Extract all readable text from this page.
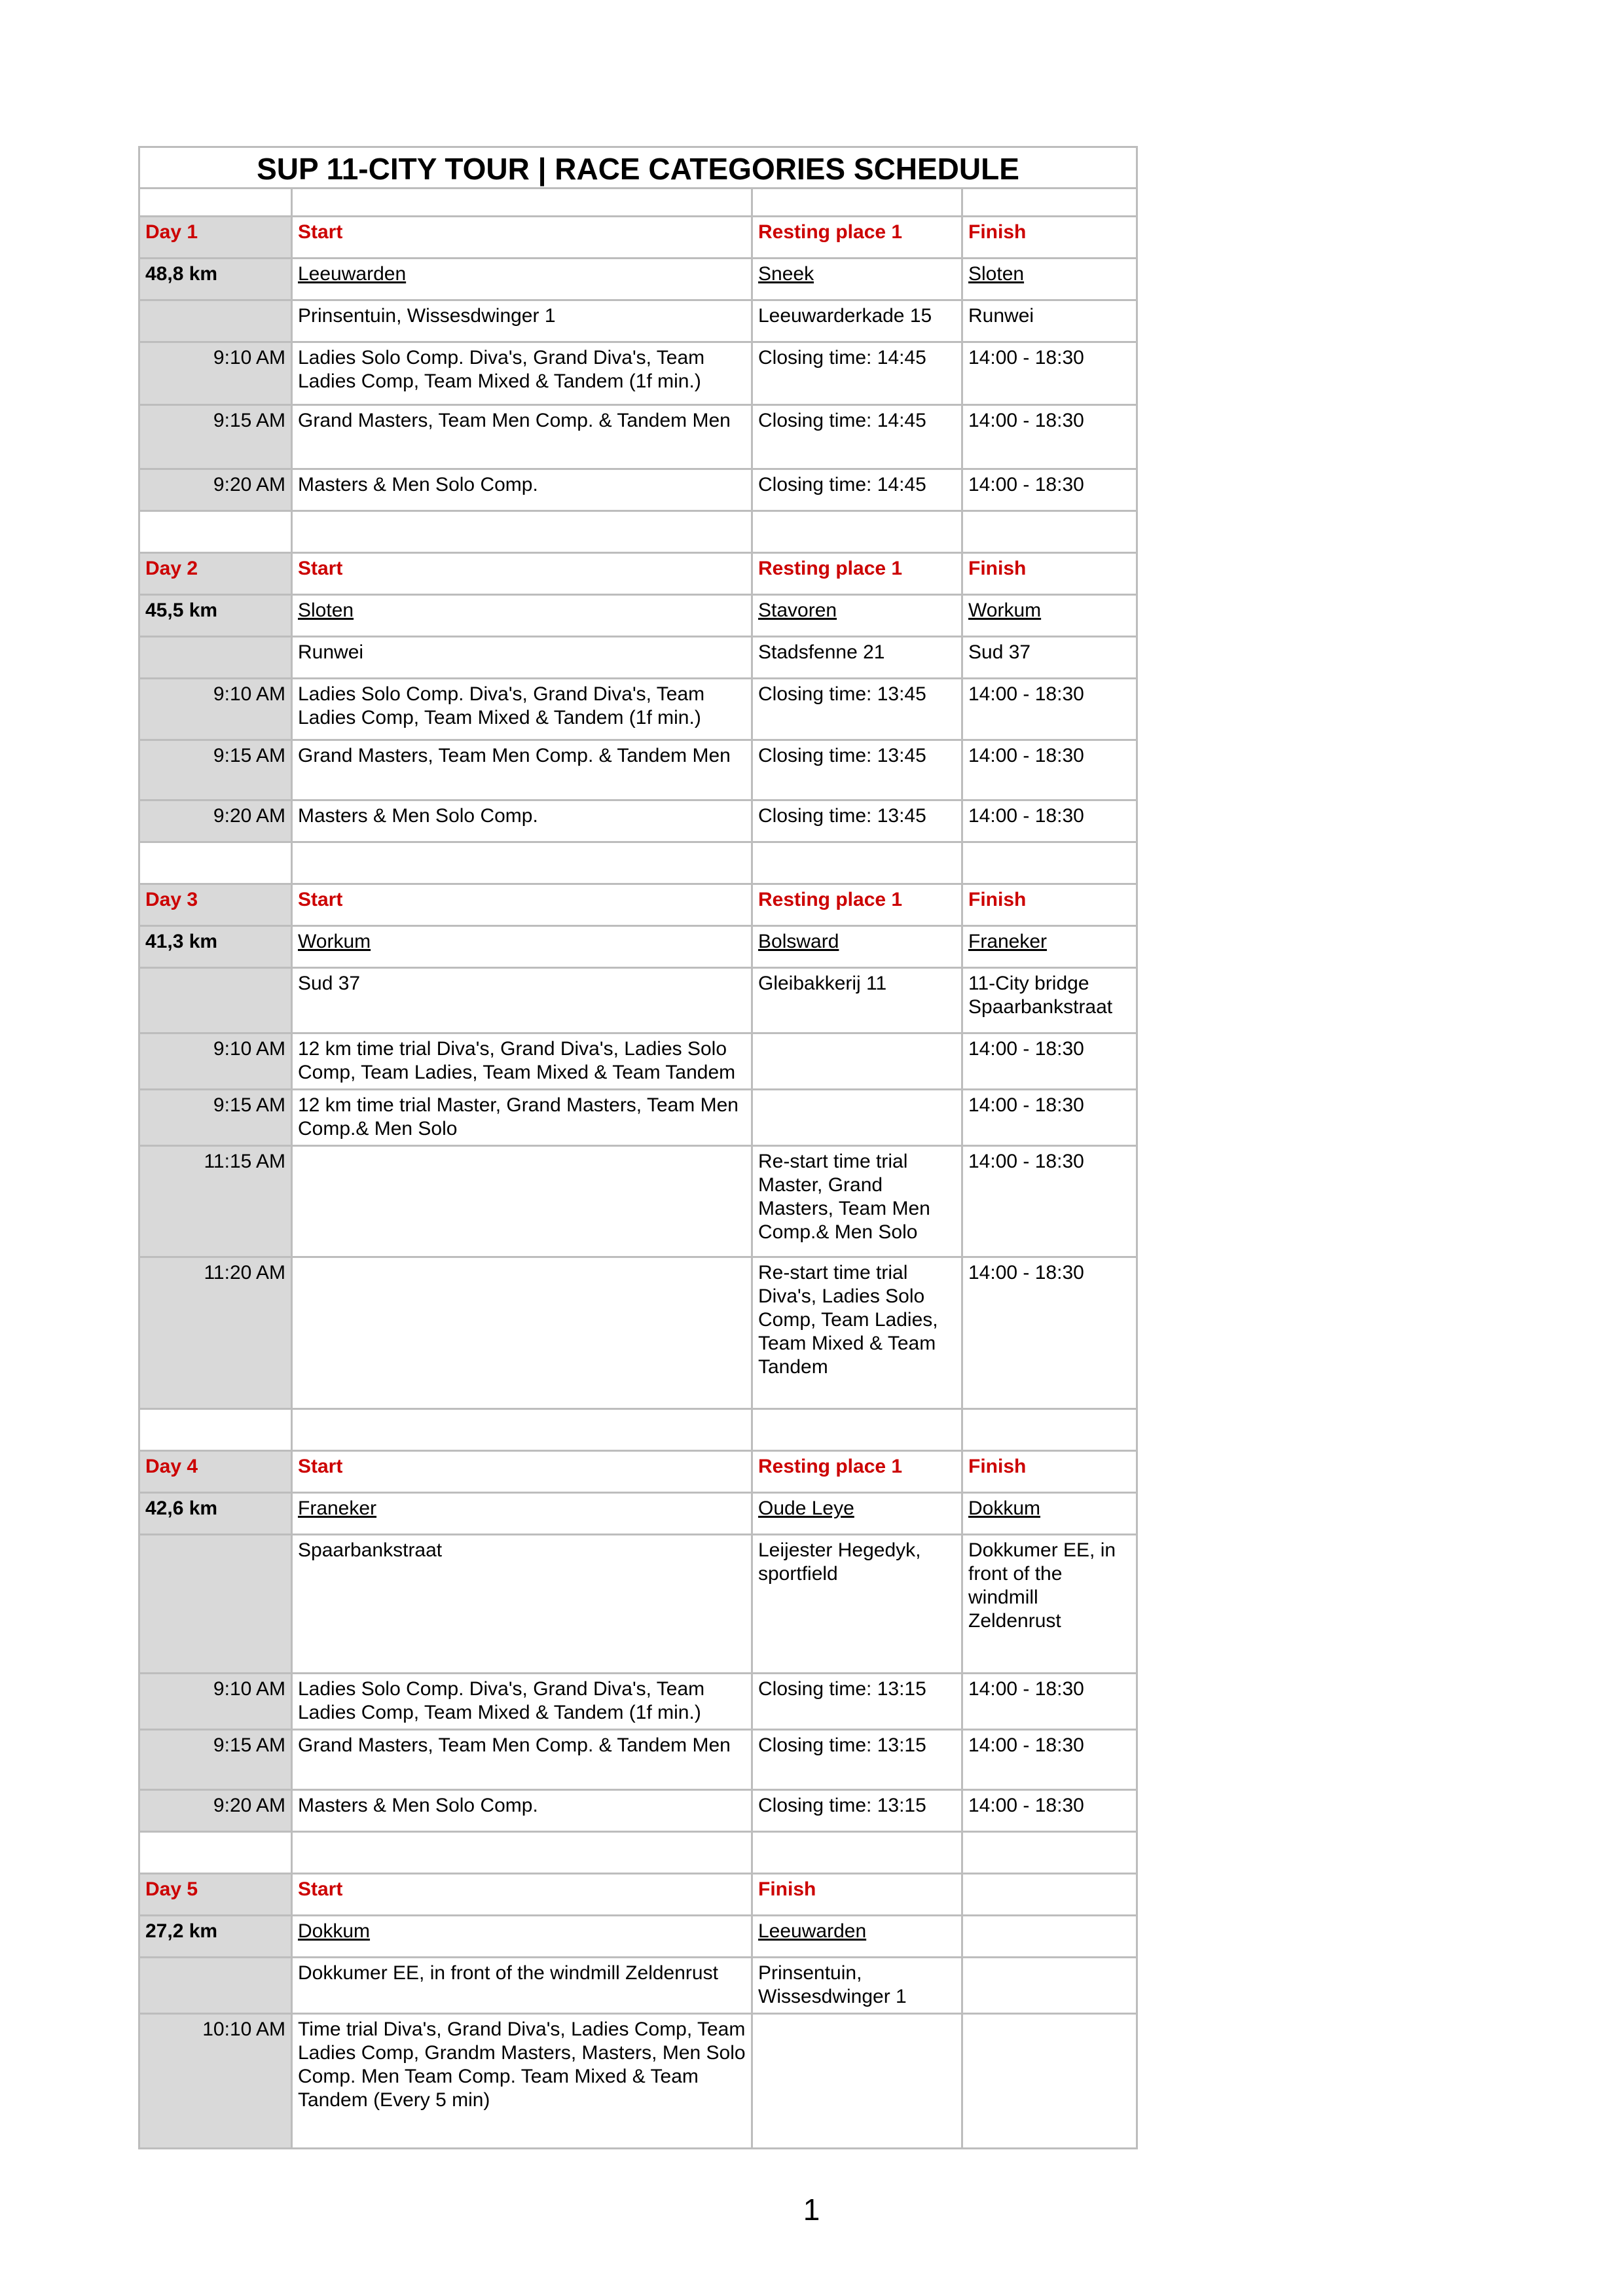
SUP 11-CITY TOUR | RACE CATEGORIES SCHEDULE			

Day 1	Start	Resting place 1	Finish
48,8 km	Leeuwarden	Sneek	Sloten
	Prinsentuin, Wissesdwinger 1	Leeuwarderkade 15	Runwei
9:10 AM	Ladies Solo Comp. Diva's, Grand Diva's, Team Ladies Comp, Team Mixed & Tandem (1f min.)	Closing time: 14:45	14:00 - 18:30
9:15 AM	Grand Masters, Team Men Comp. & Tandem Men	Closing time: 14:45	14:00 - 18:30
9:20 AM	Masters & Men Solo Comp.	Closing time: 14:45	14:00 - 18:30

Day 2	Start	Resting place 1	Finish
45,5 km	Sloten	Stavoren	Workum
	Runwei	Stadsfenne 21	Sud 37
9:10 AM	Ladies Solo Comp. Diva's, Grand Diva's, Team Ladies Comp, Team Mixed & Tandem (1f min.)	Closing time: 13:45	14:00 - 18:30
9:15 AM	Grand Masters, Team Men Comp. & Tandem Men	Closing time: 13:45	14:00 - 18:30
9:20 AM	Masters & Men Solo Comp.	Closing time: 13:45	14:00 - 18:30

Day 3	Start	Resting place 1	Finish
41,3 km	Workum	Bolsward	Franeker
	Sud 37	Gleibakkerij 11	11-City bridge Spaarbankstraat
9:10 AM	12 km time trial Diva's, Grand Diva's, Ladies Solo Comp, Team Ladies, Team Mixed & Team Tandem		14:00 - 18:30
9:15 AM	12 km time trial Master, Grand Masters, Team Men Comp.& Men Solo		14:00 - 18:30
11:15 AM		Re-start time trial Master, Grand Masters, Team Men Comp.& Men Solo	14:00 - 18:30
11:20 AM		Re-start time trial Diva's, Ladies Solo Comp, Team Ladies, Team Mixed & Team Tandem	14:00 - 18:30

Day 4	Start	Resting place 1	Finish
42,6 km	Franeker	Oude Leye	Dokkum
	Spaarbankstraat	Leijester Hegedyk, sportfield	Dokkumer EE, in front of the windmill Zeldenrust
9:10 AM	Ladies Solo Comp. Diva's, Grand Diva's, Team Ladies Comp, Team Mixed & Tandem (1f min.)	Closing time: 13:15	14:00 - 18:30
9:15 AM	Grand Masters, Team Men Comp. & Tandem Men	Closing time: 13:15	14:00 - 18:30
9:20 AM	Masters & Men Solo Comp.	Closing time: 13:15	14:00 - 18:30

Day 5	Start	Finish	
27,2 km	Dokkum	Leeuwarden	
	Dokkumer EE, in front of the windmill Zeldenrust	Prinsentuin, Wissesdwinger 1	
10:10 AM	Time trial Diva's, Grand Diva's, Ladies Comp, Team Ladies Comp, Grandm Masters, Masters, Men Solo Comp. Men Team Comp. Team Mixed & Team Tandem (Every 5 min)		
1
